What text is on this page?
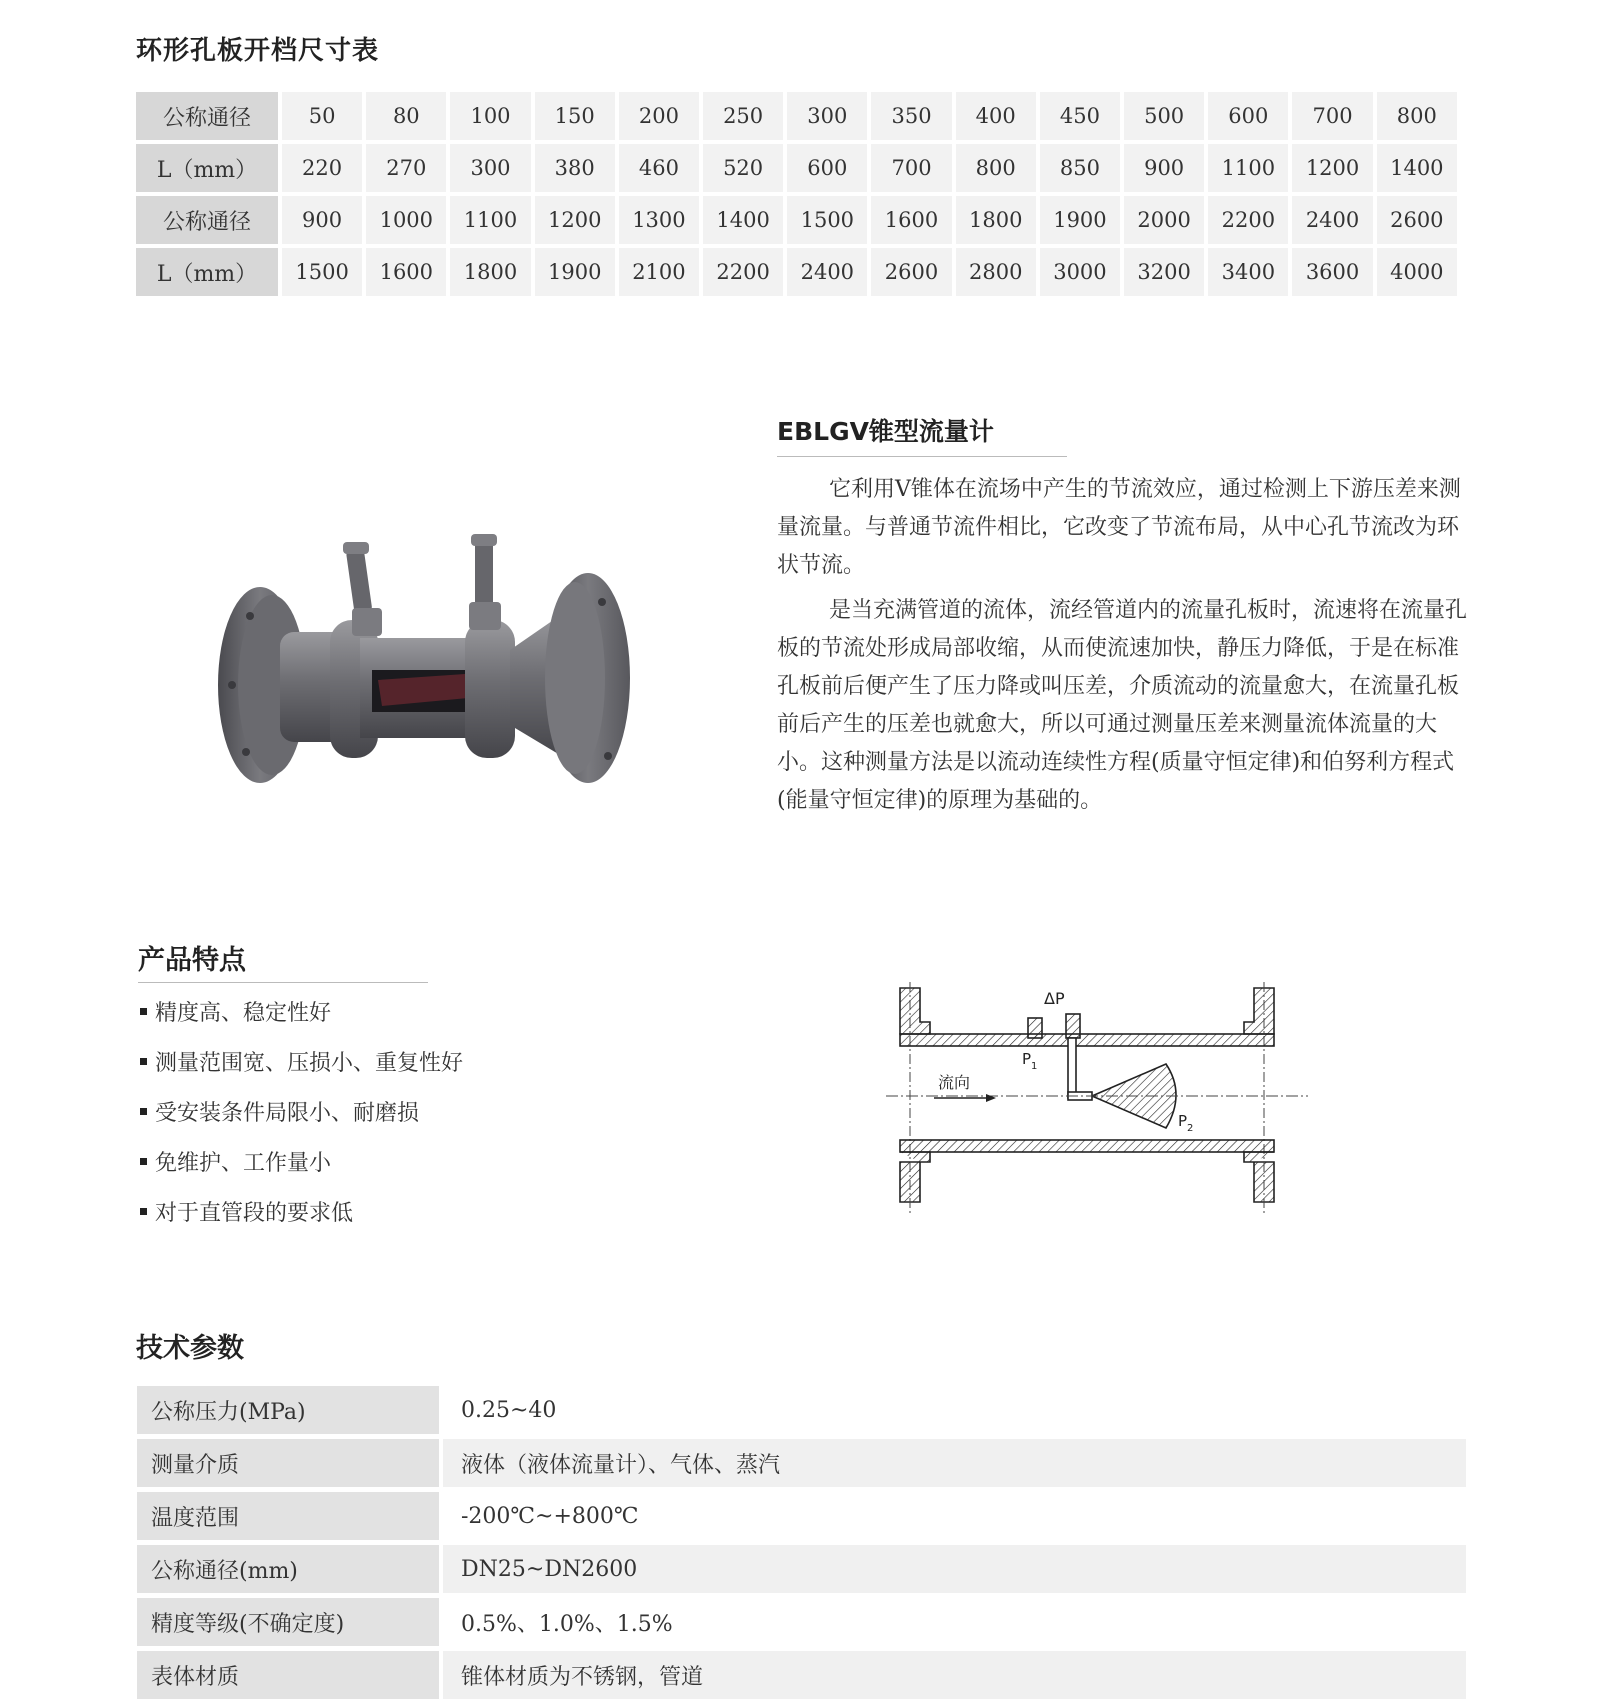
环形孔板开档尺寸表
公称通径	50	80	100	150	200	250	300	350	400	450	500	600	700	800
L（mm）	220	270	300	380	460	520	600	700	800	850	900	1100	1200	1400
公称通径	900	1000	1100	1200	1300	1400	1500	1600	1800	1900	2000	2200	2400	2600
L（mm）	1500	1600	1800	1900	2100	2200	2400	2600	2800	3000	3200	3400	3600	4000
EBLGV锥型流量计

它利用V锥体在流场中产生的节流效应，通过检测上下游压差来测量流量。与普通节流件相比，它改变了节流布局，从中心孔节流改为环状节流。

是当充满管道的流体，流经管道内的流量孔板时，流速将在流量孔板的节流处形成局部收缩，从而使流速加快，静压力降低，于是在标准孔板前后便产生了压力降或叫压差，介质流动的流量愈大，在流量孔板前后产生的压差也就愈大，所以可通过测量压差来测量流体流量的大小。这种测量方法是以流动连续性方程(质量守恒定律)和伯努利方程式(能量守恒定律)的原理为基础的。

产品特点
精度高、稳定性好
测量范围宽、压损小、重复性好
受安装条件局限小、耐磨损
免维护、工作量小
对于直管段的要求低
流向
ΔP
$P_1$
$P_2$
技术参数
公称压力(MPa)	0.25~40
测量介质	液体（液体流量计）、气体、蒸汽
温度范围	-200℃~+800℃
公称通径(mm)	DN25~DN2600
精度等级(不确定度)	0.5%、1.0%、1.5%
表体材质	锥体材质为不锈钢，管道
